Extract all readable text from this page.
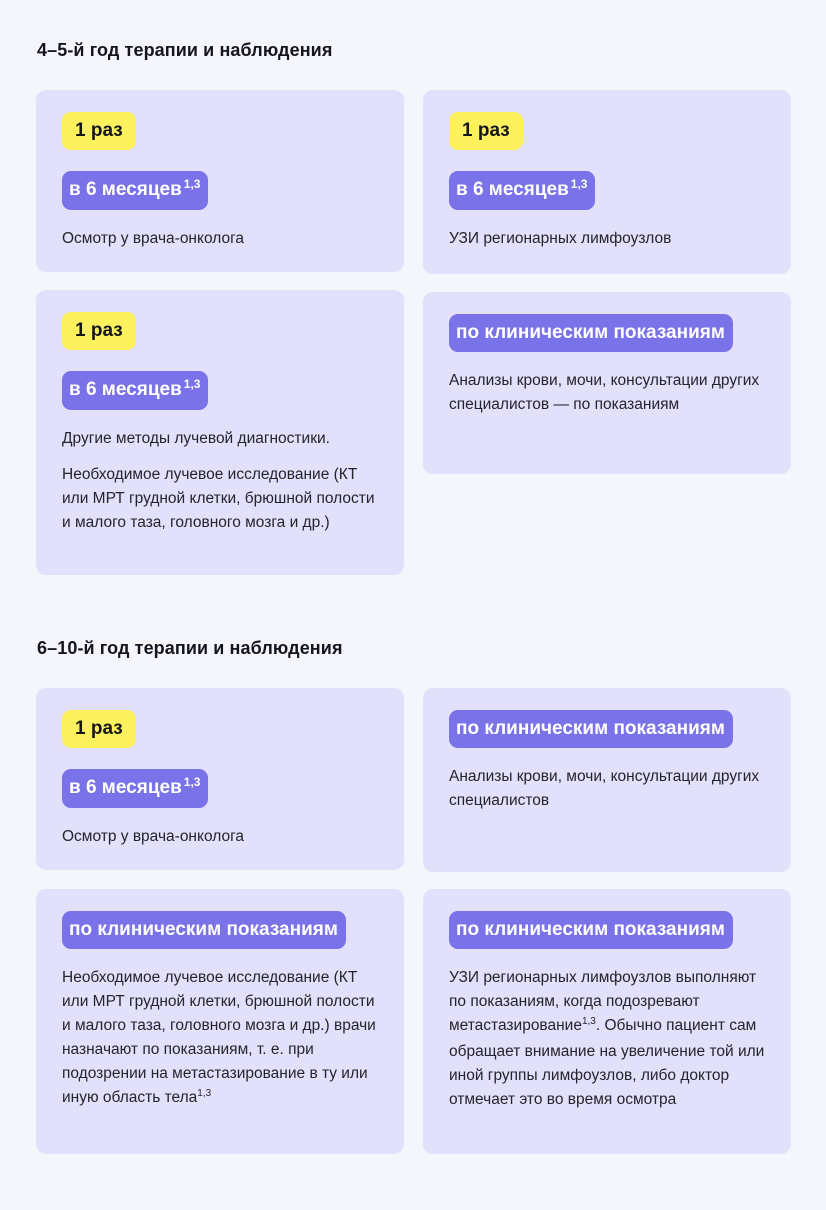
4–5-й год терапии и наблюдения
1 раз
в 6 месяцев $^{1,3}$

Осмотр у врача-онколога

1 раз
в 6 месяцев $^{1,3}$

УЗИ регионарных лимфоузлов

1 раз
в 6 месяцев $^{1,3}$

Другие методы лучевой диагностики.

Необходимое лучевое исследование (КТ или МРТ грудной клетки, брюшной полости и малого таза, головного мозга и др.)

по клиническим показаниям

Анализы крови, мочи, консультации других специалистов — по показаниям

6–10-й год терапии и наблюдения
1 раз
в 6 месяцев $^{1,3}$

Осмотр у врача-онколога

по клиническим показаниям

Анализы крови, мочи, консультации других специалистов

по клиническим показаниям

Необходимое лучевое исследование (КТ или МРТ грудной клетки, брюшной полости и малого таза, головного мозга и др.) врачи назначают по показаниям, т. е. при подозрении на метастазирование в ту или иную область тела$^{1,3}$

по клиническим показаниям

УЗИ регионарных лимфоузлов выполняют по показаниям, когда подозревают метастазирование$^{1,3}$. Обычно пациент сам обращает внимание на увеличение той или иной группы лимфоузлов, либо доктор отмечает это во время осмотра
